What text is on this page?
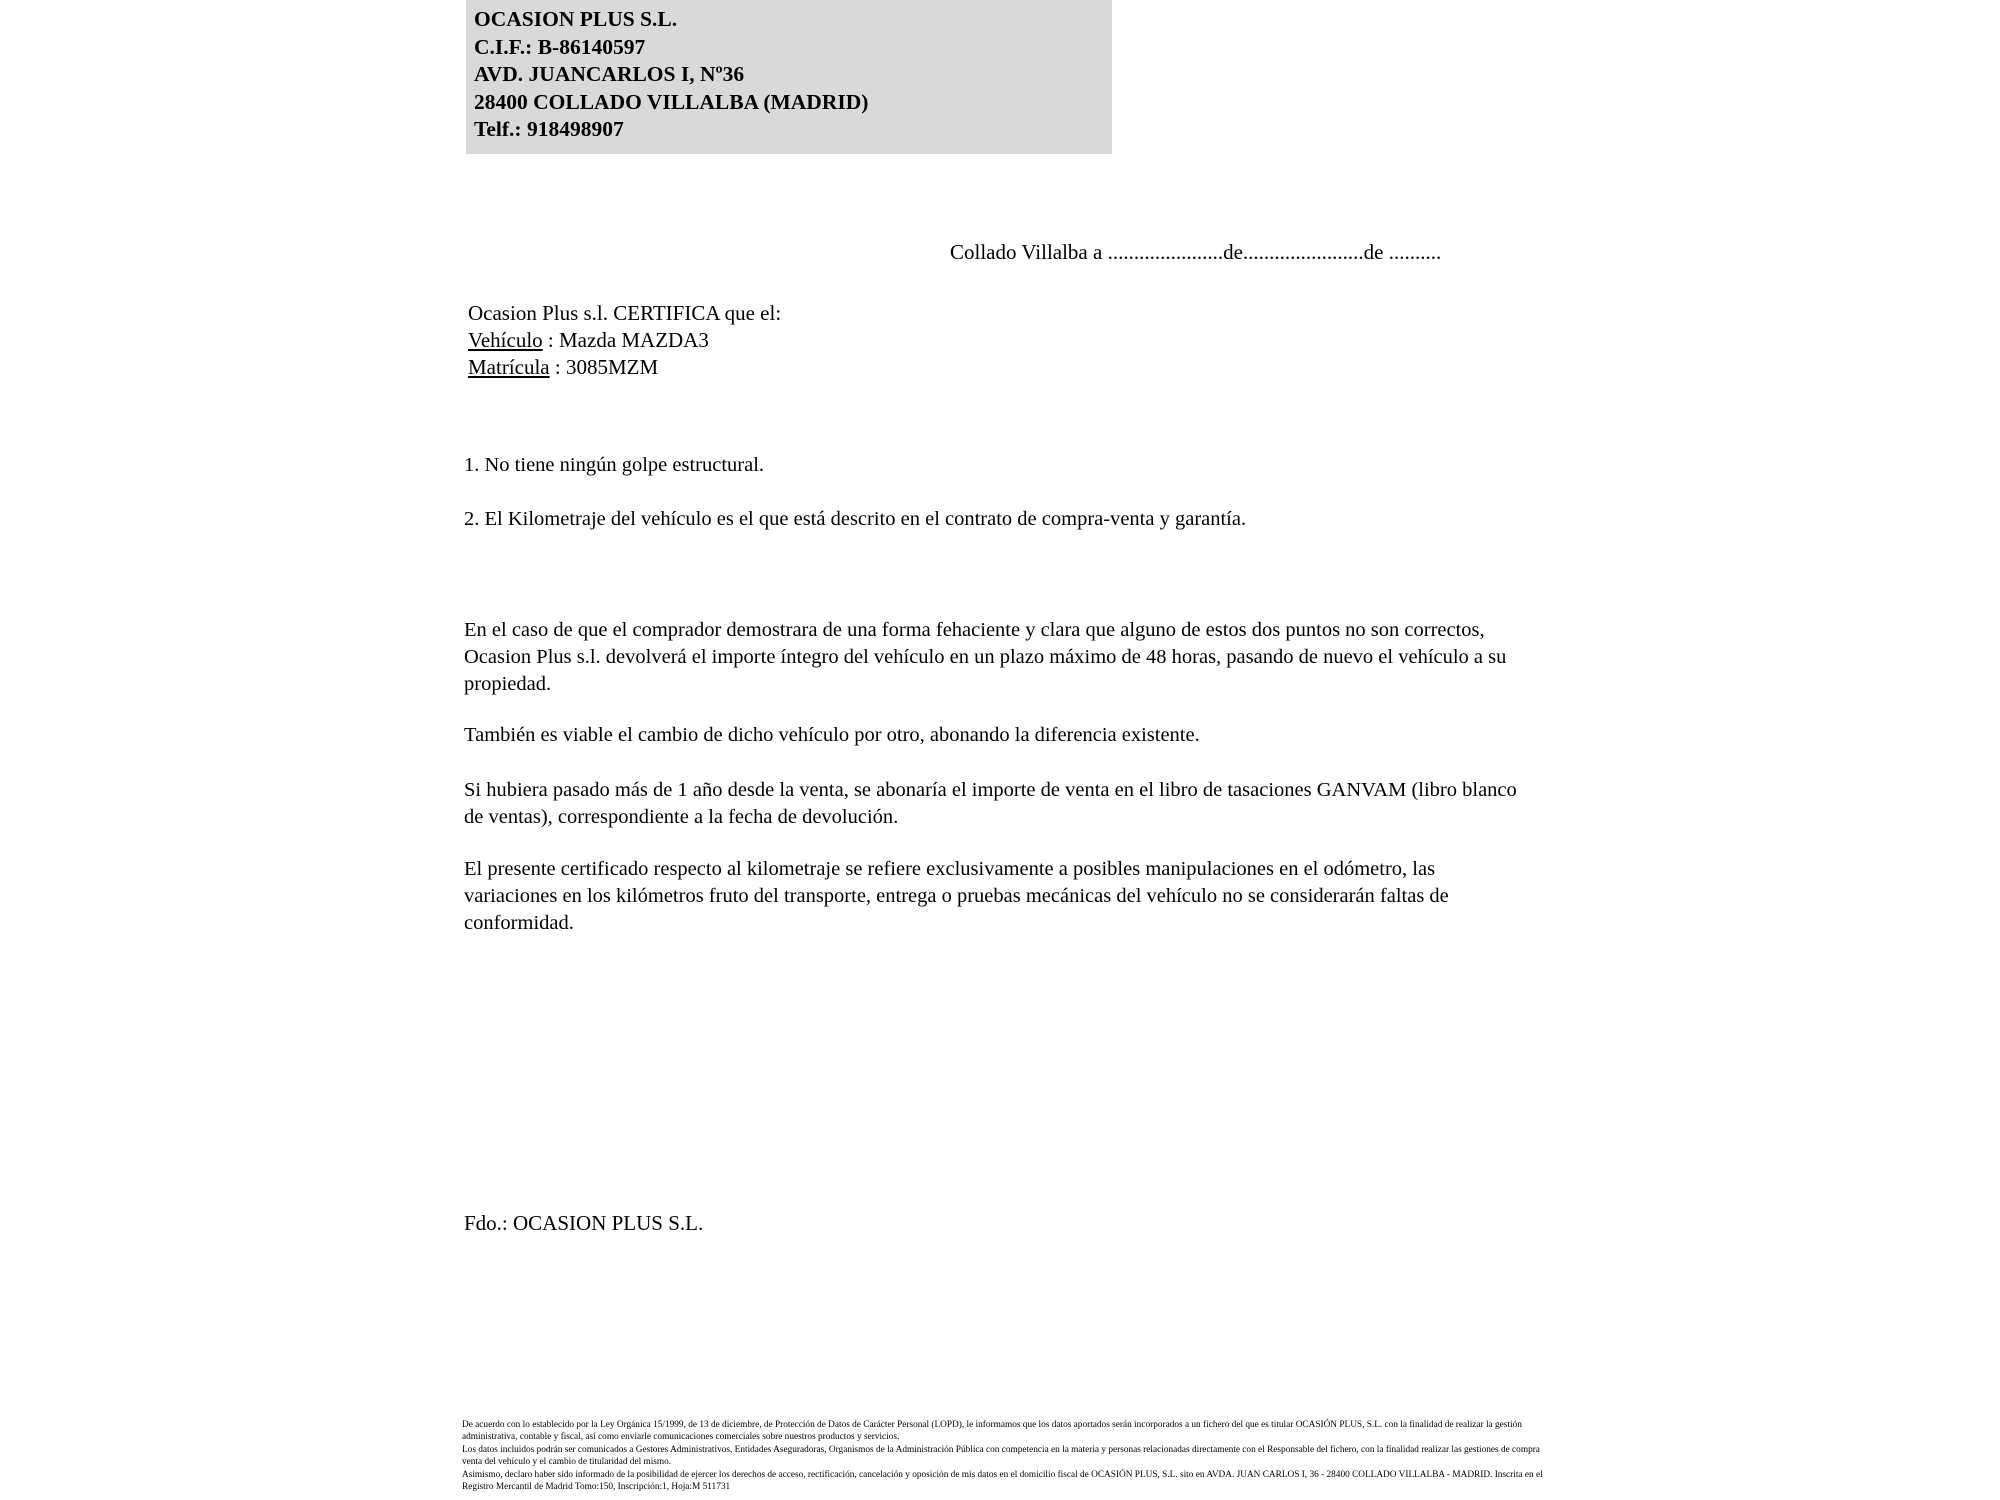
OCASION PLUS S.L.
C.I.F.: B-86140597
AVD. JUANCARLOS I, Nº36
28400 COLLADO VILLALBA (MADRID)
Telf.: 918498907
Collado Villalba a ......................de.......................de ..........
Ocasion Plus s.l. CERTIFICA que el:
Vehículo : Mazda MAZDA3
Matrícula : 3085MZM
1. No tiene ningún golpe estructural.
2. El Kilometraje del vehículo es el que está descrito en el contrato de compra-venta y garantía.
En el caso de que el comprador demostrara de una forma fehaciente y clara que alguno de estos dos puntos no son correctos, Ocasion Plus s.l. devolverá el importe íntegro del vehículo en un plazo máximo de 48 horas, pasando de nuevo el vehículo a su propiedad.
También es viable el cambio de dicho vehículo por otro, abonando la diferencia existente.
Si hubiera pasado más de 1 año desde la venta, se abonaría el importe de venta en el libro de tasaciones GANVAM (libro blanco de ventas), correspondiente a la fecha de devolución.
El presente certificado respecto al kilometraje se refiere exclusivamente a posibles manipulaciones en el odómetro, las variaciones en los kilómetros fruto del transporte, entrega o pruebas mecánicas del vehículo no se considerarán faltas de conformidad.
Fdo.: OCASION PLUS S.L.

De acuerdo con lo establecido por la Ley Orgánica 15/1999, de 13 de diciembre, de Protección de Datos de Carácter Personal (LOPD), le informamos que los datos aportados serán incorporados a un fichero del que es titular OCASIÓN PLUS, S.L. con la finalidad de realizar la gestión administrativa, contable y fiscal, así como enviarle comunicaciones comerciales sobre nuestros productos y servicios.

Los datos incluidos podrán ser comunicados a Gestores Administrativos, Entidades Aseguradoras, Organismos de la Administración Pública con competencia en la materia y personas relacionadas directamente con el Responsable del fichero, con la finalidad realizar las gestiones de compra venta del vehículo y el cambio de titularidad del mismo.

Asimismo, declaro haber sido informado de la posibilidad de ejercer los derechos de acceso, rectificación, cancelación y oposición de mis datos en el domicilio fiscal de OCASIÓN PLUS, S.L. sito en AVDA. JUAN CARLOS I, 36 - 28400 COLLADO VILLALBA - MADRID. Inscrita en el Registro Mercantil de Madrid Tomo:150, Inscripción:1, Hoja:M 511731
